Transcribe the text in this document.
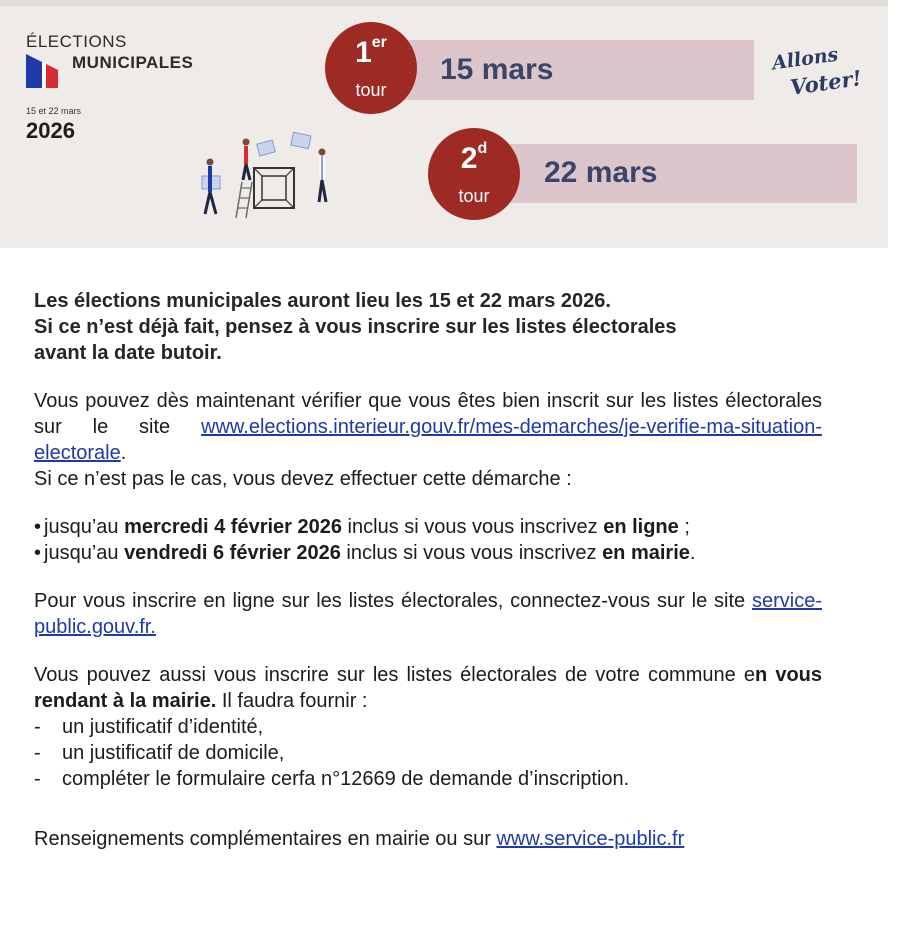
ÉLECTIONS
MUNICIPALES
15 et 22 mars
2026
1er
tour
15 mars
2$^d$
tour
22 mars
Allons
Voter!

Les élections municipales auront lieu les 15 et 22 mars 2026.
Si ce n’est déjà fait, pensez à vous inscrire sur les listes électorales
avant la date butoir.

Vous pouvez dès maintenant vérifier que vous êtes bien inscrit sur les listes électorales sur le site www.elections.interieur.gouv.fr/mes-demarches/je-verifie-ma-situation-electorale.

Si ce n’est pas le cas, vous devez effectuer cette démarche :

• jusqu’au mercredi 4 février 2026 inclus si vous vous inscrivez en ligne ;
• jusqu’au vendredi 6 février 2026 inclus si vous vous inscrivez en mairie.

Pour vous inscrire en ligne sur les listes électorales, connectez-vous sur le site service-public.gouv.fr.

Vous pouvez aussi vous inscrire sur les listes électorales de votre commune en vous rendant à la mairie. Il faudra fournir :

- un justificatif d’identité,
- un justificatif de domicile,
- compléter le formulaire cerfa n°12669 de demande d’inscription.

Renseignements complémentaires en mairie ou sur www.service-public.fr
